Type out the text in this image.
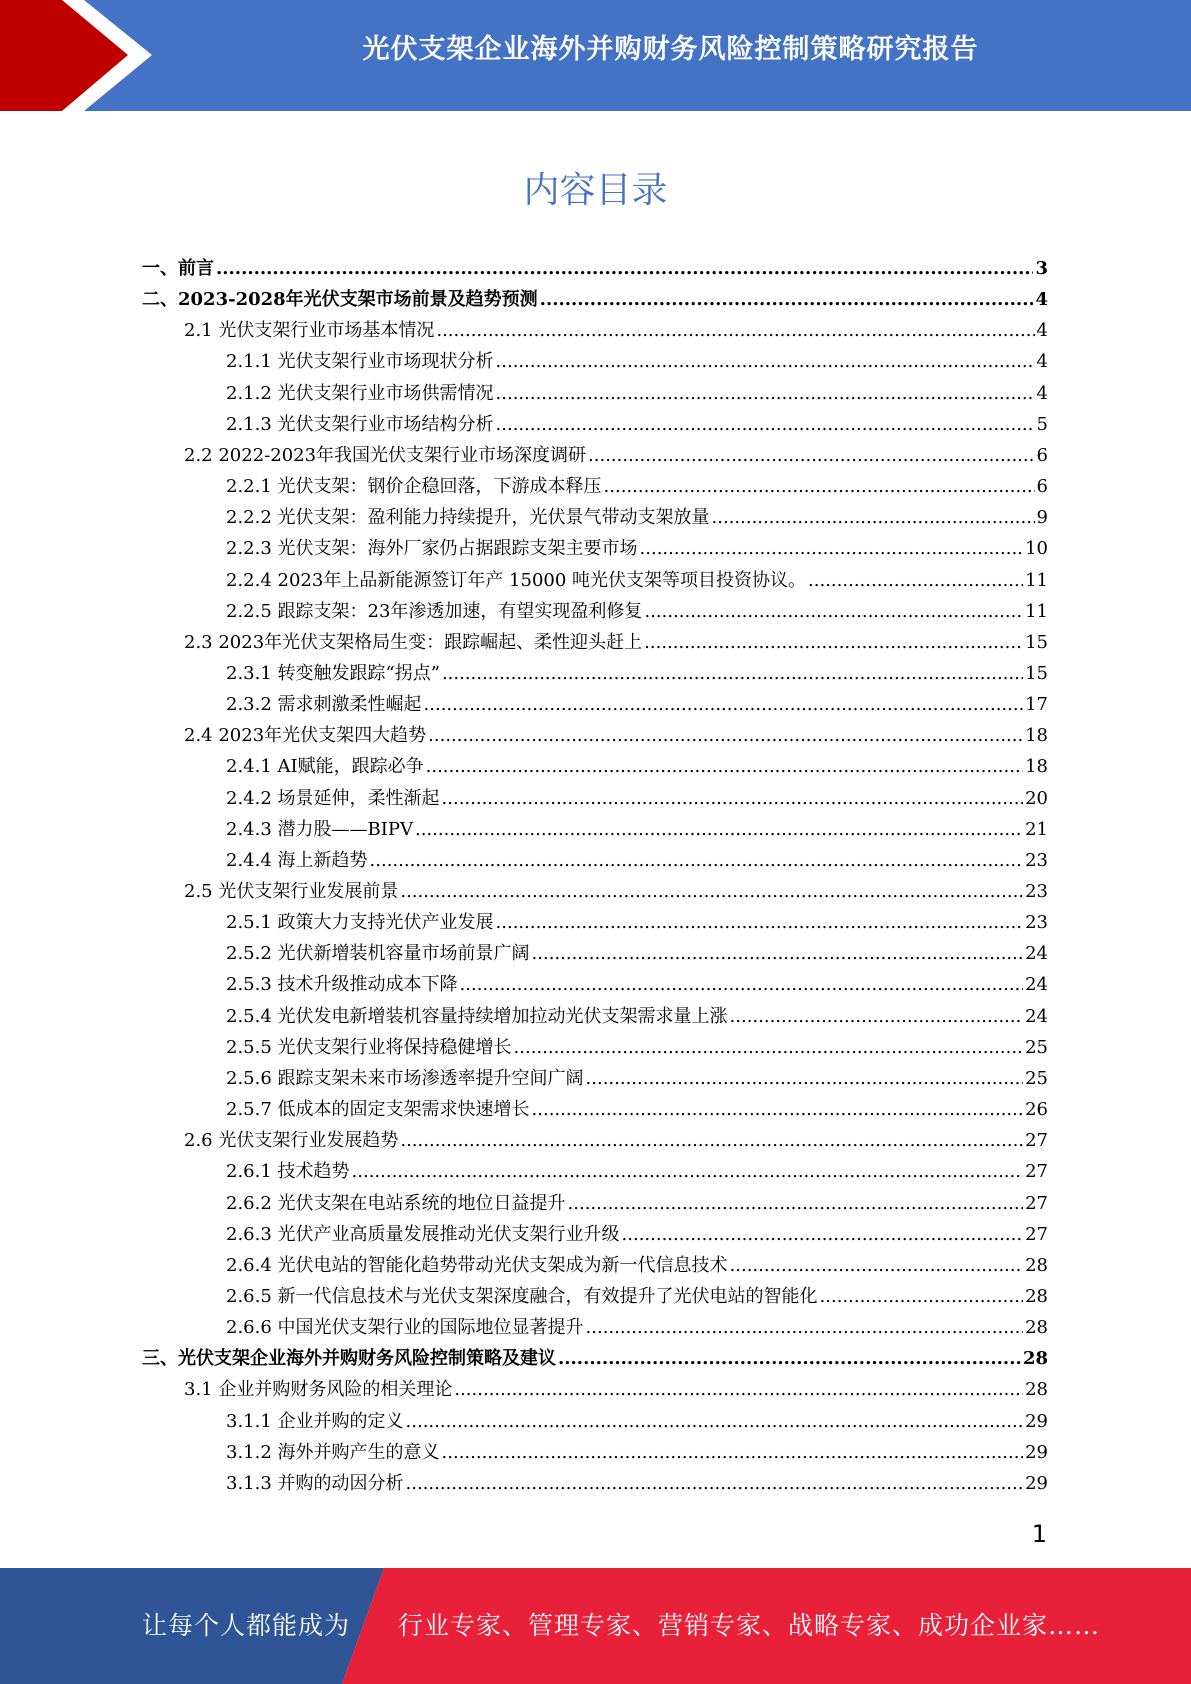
光伏支架企业海外并购财务风险控制策略研究报告
内容目录
一、前言 .....	3
二、2023-2028年光伏支架市场前景及趋势预测 .....	4
2.1 光伏支架行业市场基本情况 .....	4
2.1.1 光伏支架行业市场现状分析 .....	4
2.1.2 光伏支架行业市场供需情况 .....	4
2.1.3 光伏支架行业市场结构分析 .....	5
2.2 2022-2023年我国光伏支架行业市场深度调研 .....	6
2.2.1 光伏支架：钢价企稳回落，下游成本释压 .....	6
2.2.2 光伏支架：盈利能力持续提升，光伏景气带动支架放量 .....	9
2.2.3 光伏支架：海外厂家仍占据跟踪支架主要市场 .....	10
2.2.4 2023年上品新能源签订年产 15000 吨光伏支架等项目投资协议。 .....	11
2.2.5 跟踪支架：23年渗透加速，有望实现盈利修复 .....	11
2.3 2023年光伏支架格局生变：跟踪崛起、柔性迎头赶上 .....	15
2.3.1 转变触发跟踪“拐点” .....	15
2.3.2 需求刺激柔性崛起 .....	17
2.4 2023年光伏支架四大趋势 .....	18
2.4.1 AI赋能，跟踪必争 .....	18
2.4.2 场景延伸，柔性渐起 .....	20
2.4.3 潜力股——BIPV .....	21
2.4.4 海上新趋势 .....	23
2.5 光伏支架行业发展前景 .....	23
2.5.1 政策大力支持光伏产业发展 .....	23
2.5.2 光伏新增装机容量市场前景广阔 .....	24
2.5.3 技术升级推动成本下降 .....	24
2.5.4 光伏发电新增装机容量持续增加拉动光伏支架需求量上涨 .....	24
2.5.5 光伏支架行业将保持稳健增长 .....	25
2.5.6 跟踪支架未来市场渗透率提升空间广阔 .....	25
2.5.7 低成本的固定支架需求快速增长 .....	26
2.6 光伏支架行业发展趋势 .....	27
2.6.1 技术趋势 .....	27
2.6.2 光伏支架在电站系统的地位日益提升 .....	27
2.6.3 光伏产业高质量发展推动光伏支架行业升级 .....	27
2.6.4 光伏电站的智能化趋势带动光伏支架成为新一代信息技术 .....	28
2.6.5 新一代信息技术与光伏支架深度融合，有效提升了光伏电站的智能化 .....	28
2.6.6 中国光伏支架行业的国际地位显著提升 .....	28
三、光伏支架企业海外并购财务风险控制策略及建议 .....	28
3.1 企业并购财务风险的相关理论 .....	28
3.1.1 企业并购的定义 .....	29
3.1.2 海外并购产生的意义 .....	29
3.1.3 并购的动因分析 .....	29
1
让每个人都能成为 行业专家、管理专家、营销专家、战略专家、成功企业家……
